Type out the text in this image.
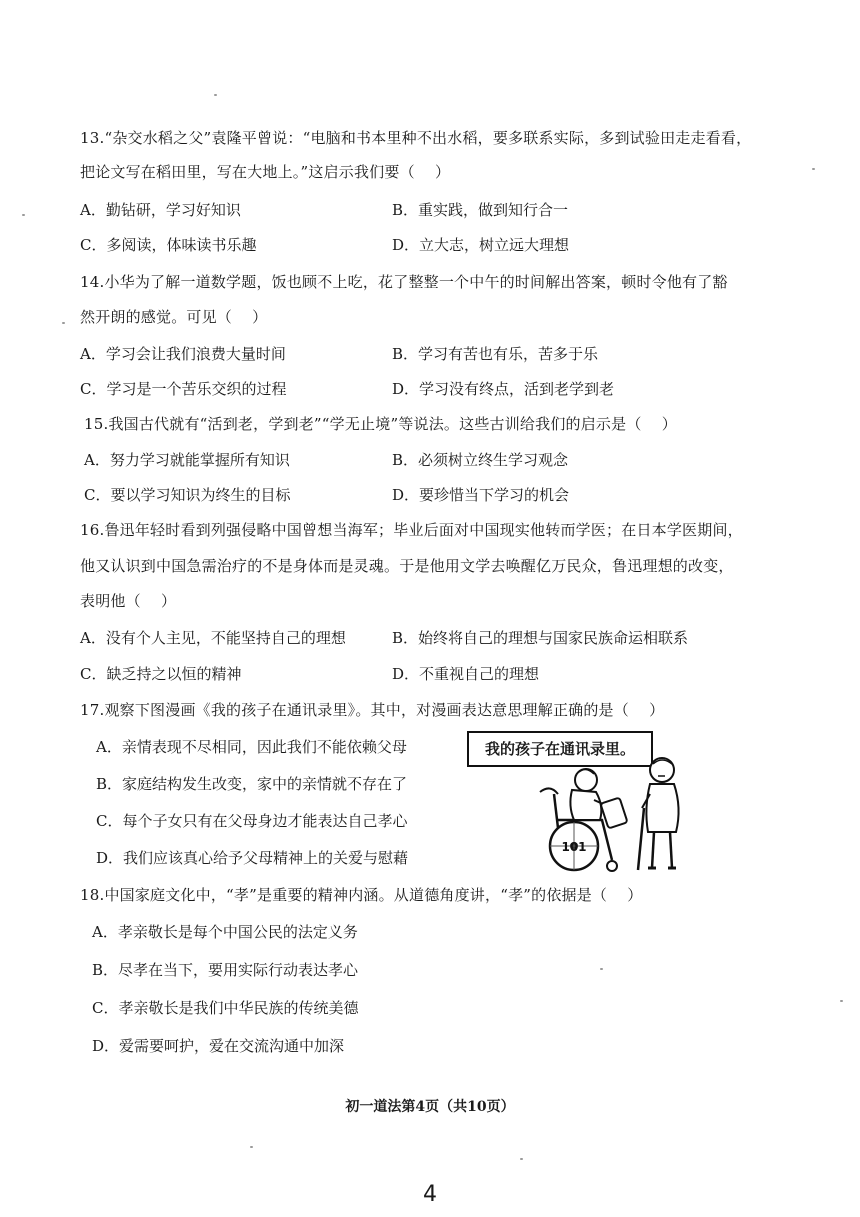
13.“杂交水稻之父”袁隆平曾说：“电脑和书本里种不出水稻，要多联系实际，多到试验田走走看看，
把论文写在稻田里，写在大地上。”这启示我们要（　 ）
A．勤钻研，学习好知识	B．重实践，做到知行合一
C．多阅读，体味读书乐趣	D．立大志，树立远大理想
14.小华为了解一道数学题，饭也顾不上吃，花了整整一个中午的时间解出答案，顿时令他有了豁
然开朗的感觉。可见（　 ）
A．学习会让我们浪费大量时间	B．学习有苦也有乐，苦多于乐
C．学习是一个苦乐交织的过程	D．学习没有终点，活到老学到老
15.我国古代就有“活到老，学到老”“学无止境”等说法。这些古训给我们的启示是（　 ）
A．努力学习就能掌握所有知识	B．必须树立终生学习观念
C．要以学习知识为终生的目标	D．要珍惜当下学习的机会
16.鲁迅年轻时看到列强侵略中国曾想当海军；毕业后面对中国现实他转而学医；在日本学医期间，
他又认识到中国急需治疗的不是身体而是灵魂。于是他用文学去唤醒亿万民众，鲁迅理想的改变，
表明他（　 ）
A．没有个人主见，不能坚持自己的理想	B．始终将自己的理想与国家民族命运相联系
C．缺乏持之以恒的精神	D．不重视自己的理想
17.观察下图漫画《我的孩子在通讯录里》。其中，对漫画表达意思理解正确的是（　 ）
A．亲情表现不尽相同，因此我们不能依赖父母
B．家庭结构发生改变，家中的亲情就不存在了
C．每个子女只有在父母身边才能表达自己孝心
D．我们应该真心给予父母精神上的关爱与慰藉
101
我的孩子在通讯录里。
18.中国家庭文化中，“孝”是重要的精神内涵。从道德角度讲，“孝”的依据是（　 ）
A．孝亲敬长是每个中国公民的法定义务
B．尽孝在当下，要用实际行动表达孝心
C．孝亲敬长是我们中华民族的传统美德
D．爱需要呵护，爱在交流沟通中加深
初一道法第4页（共10页）
4
